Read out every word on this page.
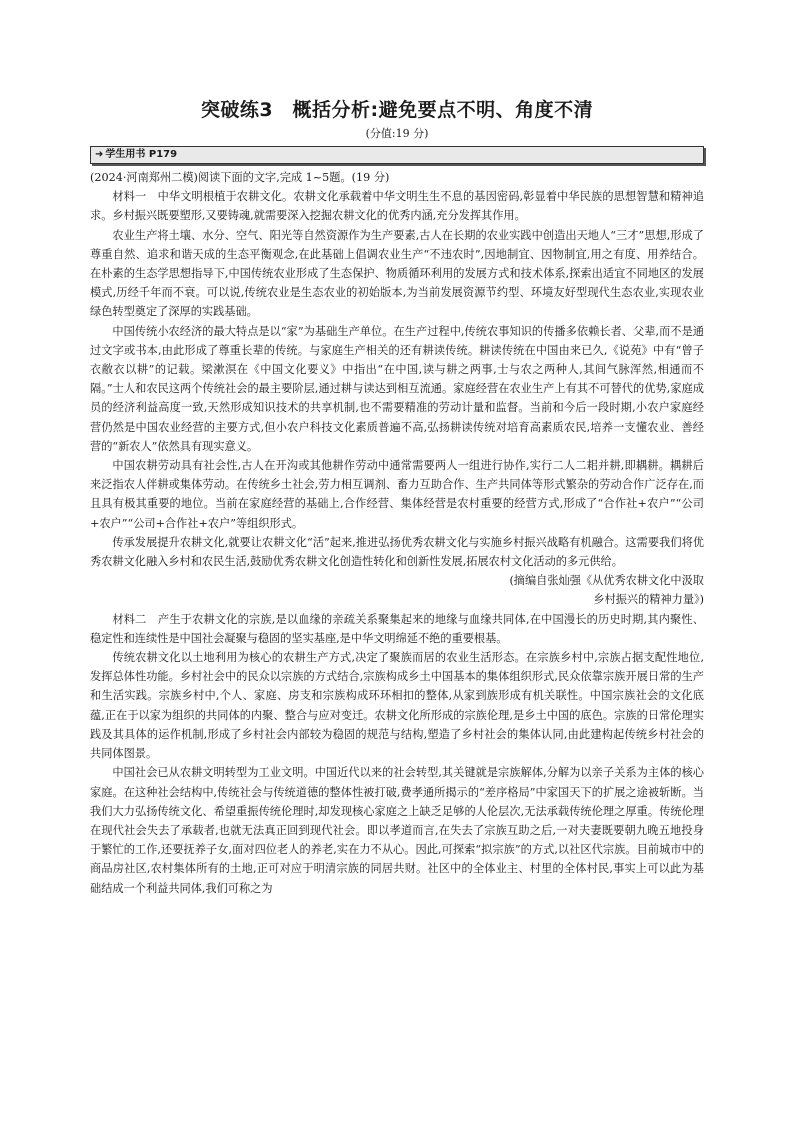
突破练3　概括分析:避免要点不明、角度不清
(分值:19 分)
➜ 学生用书 P179

(2024·河南郑州二模)阅读下面的文字,完成 1~5题。(19 分)

材料一　中华文明根植于农耕文化。农耕文化承载着中华文明生生不息的基因密码,彰显着中华民族的思想智慧和精神追求。乡村振兴既要塑形,又要铸魂,就需要深入挖掘农耕文化的优秀内涵,充分发挥其作用。

农业生产将土壤、水分、空气、阳光等自然资源作为生产要素,古人在长期的农业实践中创造出天地人“三才”思想,形成了尊重自然、追求和谐天成的生态平衡观念,在此基础上倡调农业生产“不违农时”,因地制宜、因物制宜,用之有度、用养结合。在朴素的生态学思想指导下,中国传统农业形成了生态保护、物质循环利用的发展方式和技术体系,探索出适宜不同地区的发展模式,历经千年而不衰。可以说,传统农业是生态农业的初始版本,为当前发展资源节约型、环境友好型现代生态农业,实现农业绿色转型奠定了深厚的实践基础。

中国传统小农经济的最大特点是以“家”为基础生产单位。在生产过程中,传统农事知识的传播多依赖长者、父辈,而不是通过文字或书本,由此形成了尊重长辈的传统。与家庭生产相关的还有耕读传统。耕读传统在中国由来已久,《说苑》中有“曾子衣敝衣以耕”的记载。梁漱溟在《中国文化要义》中指出“在中国,读与耕之两事,士与农之两种人,其间气脉浑然,相通而不隔。”士人和农民这两个传统社会的最主要阶层,通过耕与读达到相互流通。家庭经营在农业生产上有其不可替代的优势,家庭成员的经济利益高度一致,天然形成知识技术的共享机制,也不需要精准的劳动计量和监督。当前和今后一段时期,小农户家庭经营仍然是中国农业经营的主要方式,但小农户科技文化素质普遍不高,弘扬耕读传统对培育高素质农民,培养一支懂农业、善经营的“新农人”依然具有现实意义。

中国农耕劳动具有社会性,古人在开沟或其他耕作劳动中通常需要两人一组进行协作,实行二人二耜并耕,即耦耕。耦耕后来泛指农人伴耕或集体劳动。在传统乡土社会,劳力相互调剂、畜力互助合作、生产共同体等形式繁杂的劳动合作广泛存在,而且具有极其重要的地位。当前在家庭经营的基础上,合作经营、集体经营是农村重要的经营方式,形成了“合作社+农户”“公司+农户”“公司+合作社+农户”等组织形式。

传承发展提升农耕文化,就要让农耕文化“活”起来,推进弘扬优秀农耕文化与实施乡村振兴战略有机融合。这需要我们将优秀农耕文化融入乡村和农民生活,鼓励优秀农耕文化创造性转化和创新性发展,拓展农村文化活动的多元供给。

(摘编自张灿强《从优秀农耕文化中汲取
乡村振兴的精神力量》)

材料二　产生于农耕文化的宗族,是以血缘的亲疏关系聚集起来的地缘与血缘共同体,在中国漫长的历史时期,其内聚性、稳定性和连续性是中国社会凝聚与稳固的坚实基座,是中华文明绵延不绝的重要根基。

传统农耕文化以土地利用为核心的农耕生产方式,决定了聚族而居的农业生活形态。在宗族乡村中,宗族占据支配性地位,发挥总体性功能。乡村社会中的民众以宗族的方式结合,宗族构成乡土中国基本的集体组织形式,民众依靠宗族开展日常的生产和生活实践。宗族乡村中,个人、家庭、房支和宗族构成环环相扣的整体,从家到族形成有机关联性。中国宗族社会的文化底蕴,正在于以家为组织的共同体的内聚、整合与应对变迁。农耕文化所形成的宗族伦理,是乡土中国的底色。宗族的日常伦理实践及其具体的运作机制,形成了乡村社会内部较为稳固的规范与结构,塑造了乡村社会的集体认同,由此建构起传统乡村社会的共同体图景。

中国社会已从农耕文明转型为工业文明。中国近代以来的社会转型,其关键就是宗族解体,分解为以亲子关系为主体的核心家庭。在这种社会结构中,传统社会与传统道德的整体性被打破,费孝通所揭示的“差序格局”中家国天下的扩展之途被斩断。当我们大力弘扬传统文化、希望重振传统伦理时,却发现核心家庭之上缺乏足够的人伦层次,无法承载传统伦理之厚重。传统伦理在现代社会失去了承载者,也就无法真正回到现代社会。即以孝道而言,在失去了宗族互助之后,一对夫妻既要朝九晚五地投身于繁忙的工作,还要抚养子女,面对四位老人的养老,实在力不从心。因此,可探索“拟宗族”的方式,以社区代宗族。目前城市中的商品房社区,农村集体所有的土地,正可对应于明清宗族的同居共财。社区中的全体业主、村里的全体村民,事实上可以此为基础结成一个利益共同体,我们可称之为
